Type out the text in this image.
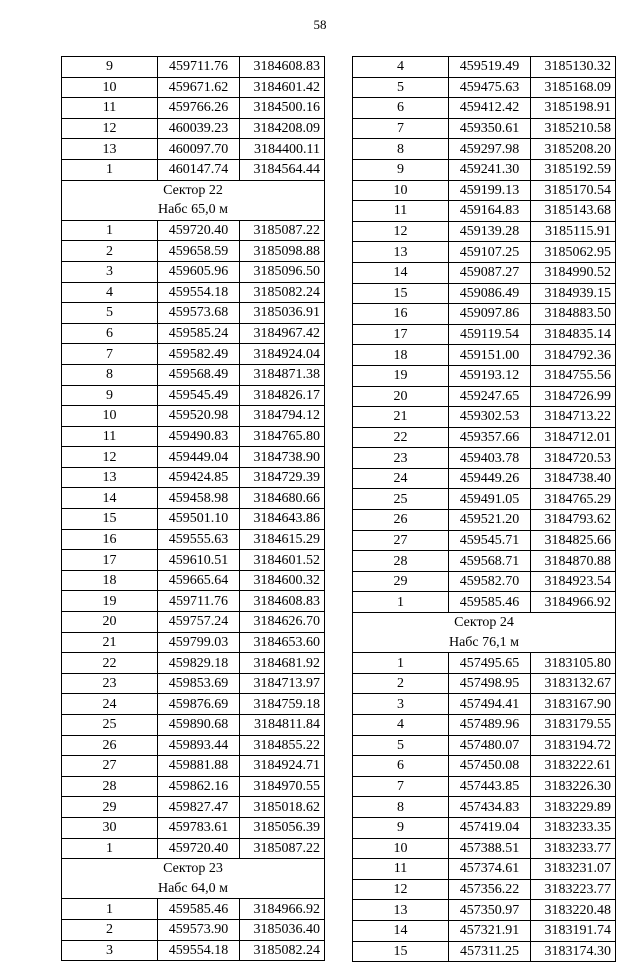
58
9	459711.76	3184608.83
10	459671.62	3184601.42
11	459766.26	3184500.16
12	460039.23	3184208.09
13	460097.70	3184400.11
1	460147.74	3184564.44
Сектор 22		
Набс 65,0 м		
1	459720.40	3185087.22
2	459658.59	3185098.88
3	459605.96	3185096.50
4	459554.18	3185082.24
5	459573.68	3185036.91
6	459585.24	3184967.42
7	459582.49	3184924.04
8	459568.49	3184871.38
9	459545.49	3184826.17
10	459520.98	3184794.12
11	459490.83	3184765.80
12	459449.04	3184738.90
13	459424.85	3184729.39
14	459458.98	3184680.66
15	459501.10	3184643.86
16	459555.63	3184615.29
17	459610.51	3184601.52
18	459665.64	3184600.32
19	459711.76	3184608.83
20	459757.24	3184626.70
21	459799.03	3184653.60
22	459829.18	3184681.92
23	459853.69	3184713.97
24	459876.69	3184759.18
25	459890.68	3184811.84
26	459893.44	3184855.22
27	459881.88	3184924.71
28	459862.16	3184970.55
29	459827.47	3185018.62
30	459783.61	3185056.39
1	459720.40	3185087.22
Сектор 23		
Набс 64,0 м		
1	459585.46	3184966.92
2	459573.90	3185036.40
3	459554.18	3185082.24
4	459519.49	3185130.32
5	459475.63	3185168.09
6	459412.42	3185198.91
7	459350.61	3185210.58
8	459297.98	3185208.20
9	459241.30	3185192.59
10	459199.13	3185170.54
11	459164.83	3185143.68
12	459139.28	3185115.91
13	459107.25	3185062.95
14	459087.27	3184990.52
15	459086.49	3184939.15
16	459097.86	3184883.50
17	459119.54	3184835.14
18	459151.00	3184792.36
19	459193.12	3184755.56
20	459247.65	3184726.99
21	459302.53	3184713.22
22	459357.66	3184712.01
23	459403.78	3184720.53
24	459449.26	3184738.40
25	459491.05	3184765.29
26	459521.20	3184793.62
27	459545.71	3184825.66
28	459568.71	3184870.88
29	459582.70	3184923.54
1	459585.46	3184966.92
Сектор 24		
Набс 76,1 м		
1	457495.65	3183105.80
2	457498.95	3183132.67
3	457494.41	3183167.90
4	457489.96	3183179.55
5	457480.07	3183194.72
6	457450.08	3183222.61
7	457443.85	3183226.30
8	457434.83	3183229.89
9	457419.04	3183233.35
10	457388.51	3183233.77
11	457374.61	3183231.07
12	457356.22	3183223.77
13	457350.97	3183220.48
14	457321.91	3183191.74
15	457311.25	3183174.30
